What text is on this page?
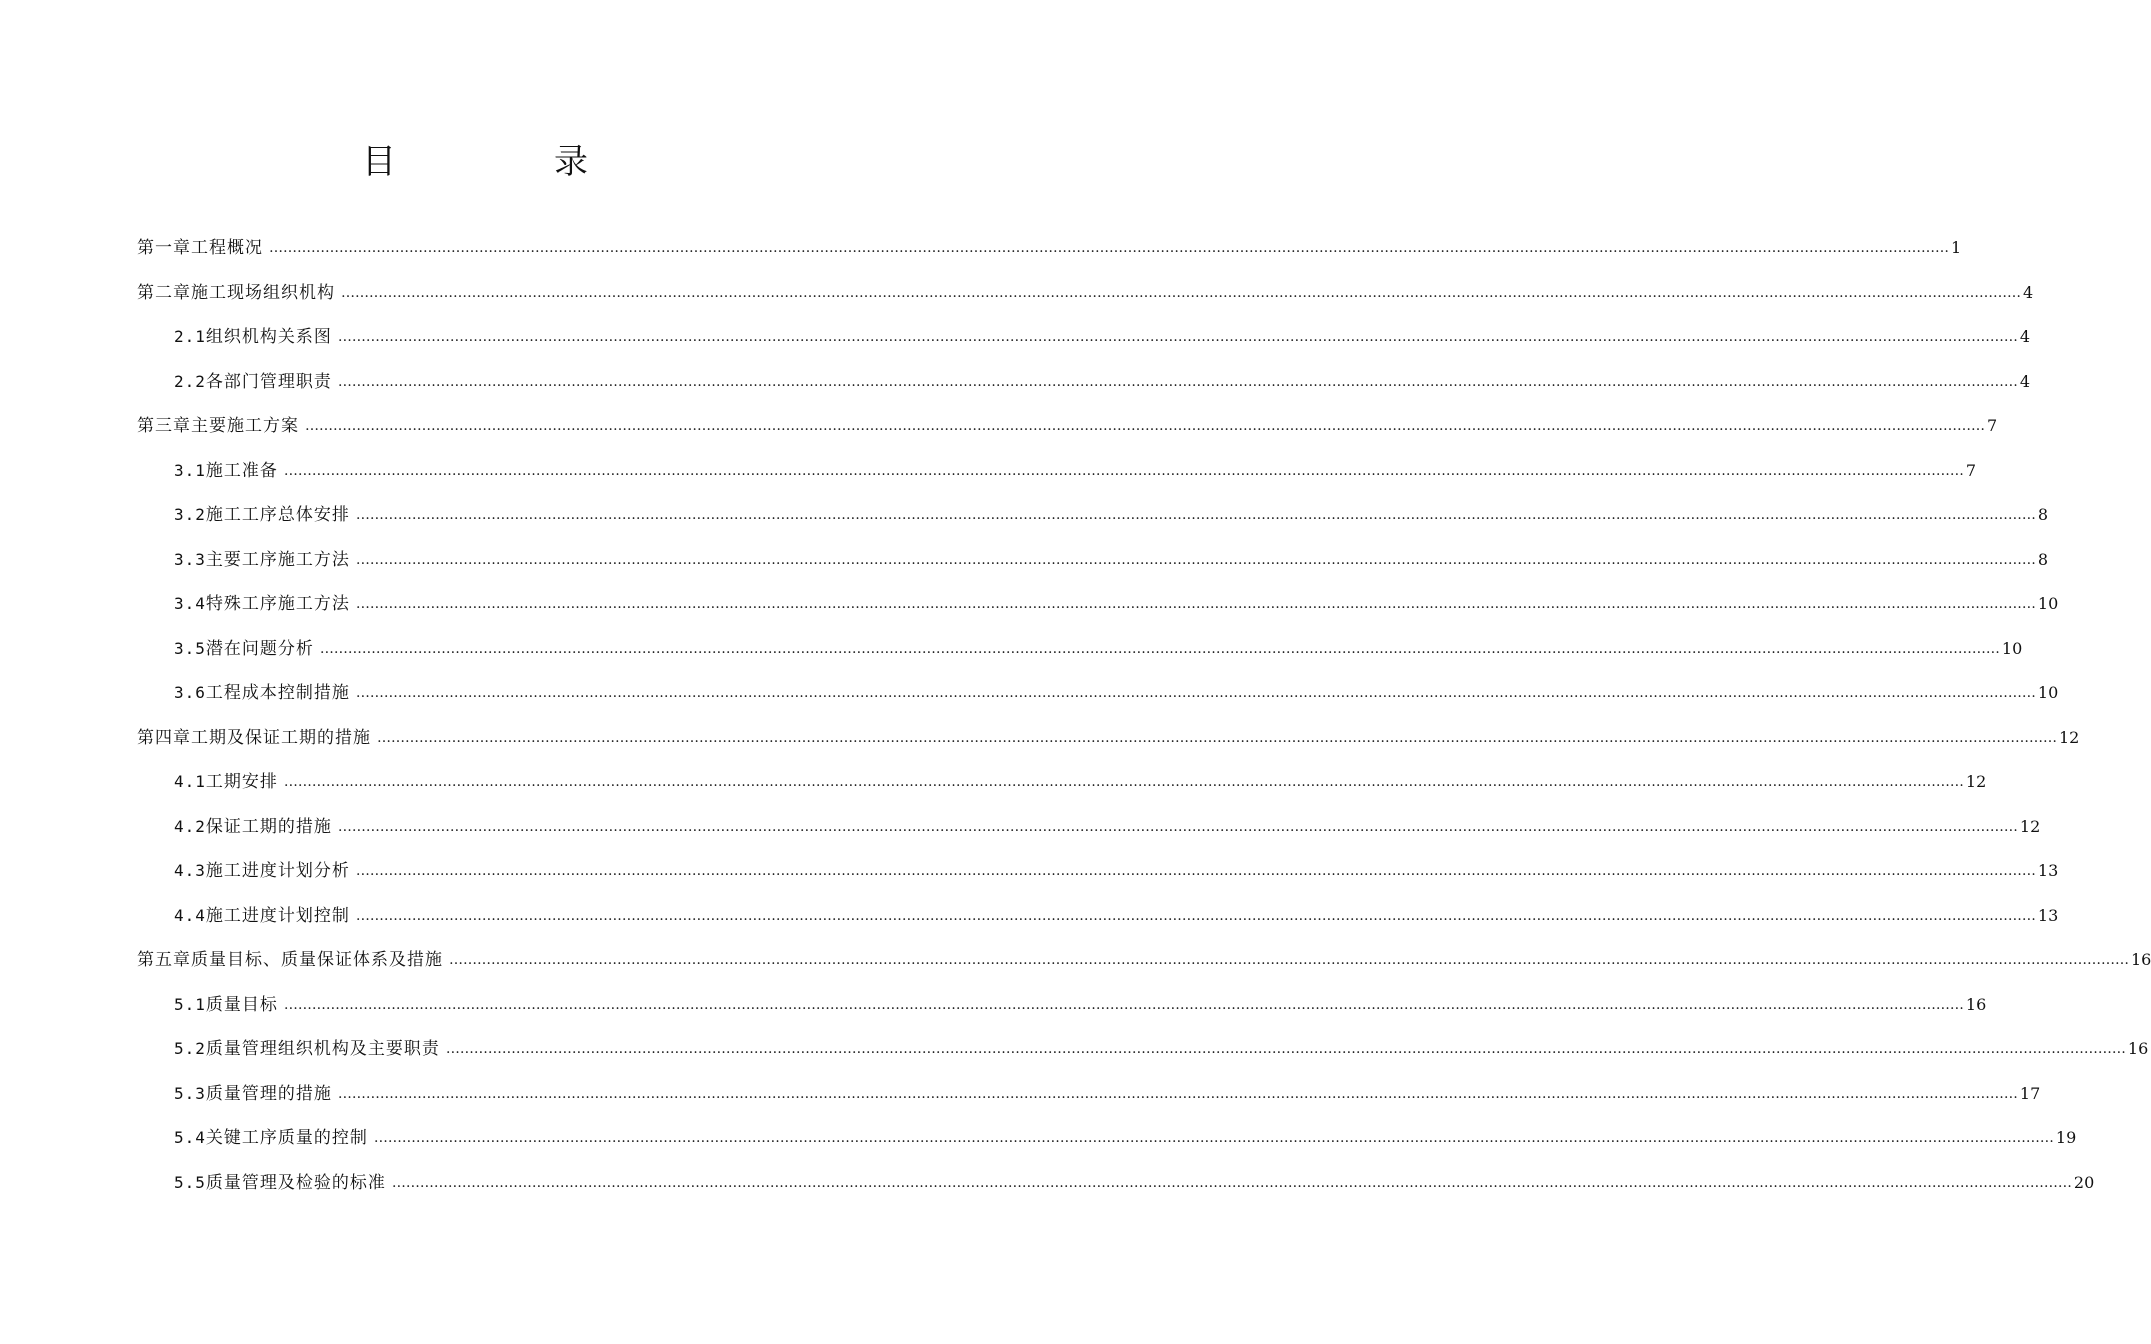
目　录
第一章 工程概况 ……………………………………………………………………………………………………………………………………………………………………………………………………………………………………………………………………………………………………………………………… 1
第二章 施工现场组织机构 ……………………………………………………………………………………………………………………………………………………………………………………………………………………………………………………………………………………………………………………………… 4
2.1 组织机构关系图 ……………………………………………………………………………………………………………………………………………………………………………………………………………………………………………………………………………………………………………………………… 4
2.2 各部门管理职责 ……………………………………………………………………………………………………………………………………………………………………………………………………………………………………………………………………………………………………………………………… 4
第三章 主要施工方案 ……………………………………………………………………………………………………………………………………………………………………………………………………………………………………………………………………………………………………………………………… 7
3.1 施工准备 ……………………………………………………………………………………………………………………………………………………………………………………………………………………………………………………………………………………………………………………………… 7
3.2 施工工序总体安排 ……………………………………………………………………………………………………………………………………………………………………………………………………………………………………………………………………………………………………………………………… 8
3.3 主要工序施工方法 ……………………………………………………………………………………………………………………………………………………………………………………………………………………………………………………………………………………………………………………………… 8
3.4 特殊工序施工方法 ……………………………………………………………………………………………………………………………………………………………………………………………………………………………………………………………………………………………………………………………… 10
3.5 潜在问题分析 ……………………………………………………………………………………………………………………………………………………………………………………………………………………………………………………………………………………………………………………………… 10
3.6 工程成本控制措施 ……………………………………………………………………………………………………………………………………………………………………………………………………………………………………………………………………………………………………………………………… 10
第四章 工期及保证工期的措施 ……………………………………………………………………………………………………………………………………………………………………………………………………………………………………………………………………………………………………………………………… 12
4.1 工期安排 ……………………………………………………………………………………………………………………………………………………………………………………………………………………………………………………………………………………………………………………………… 12
4.2 保证工期的措施 ……………………………………………………………………………………………………………………………………………………………………………………………………………………………………………………………………………………………………………………………… 12
4.3 施工进度计划分析 ……………………………………………………………………………………………………………………………………………………………………………………………………………………………………………………………………………………………………………………………… 13
4.4 施工进度计划控制 ……………………………………………………………………………………………………………………………………………………………………………………………………………………………………………………………………………………………………………………………… 13
第五章 质量目标、质量保证体系及措施 ……………………………………………………………………………………………………………………………………………………………………………………………………………………………………………………………………………………………………………………………… 16
5.1 质量目标 ……………………………………………………………………………………………………………………………………………………………………………………………………………………………………………………………………………………………………………………………… 16
5.2 质量管理组织机构及主要职责 ……………………………………………………………………………………………………………………………………………………………………………………………………………………………………………………………………………………………………………………………… 16
5.3 质量管理的措施 ……………………………………………………………………………………………………………………………………………………………………………………………………………………………………………………………………………………………………………………………… 17
5.4 关键工序质量的控制 ……………………………………………………………………………………………………………………………………………………………………………………………………………………………………………………………………………………………………………………………… 19
5.5 质量管理及检验的标准 ……………………………………………………………………………………………………………………………………………………………………………………………………………………………………………………………………………………………………………………………… 20
